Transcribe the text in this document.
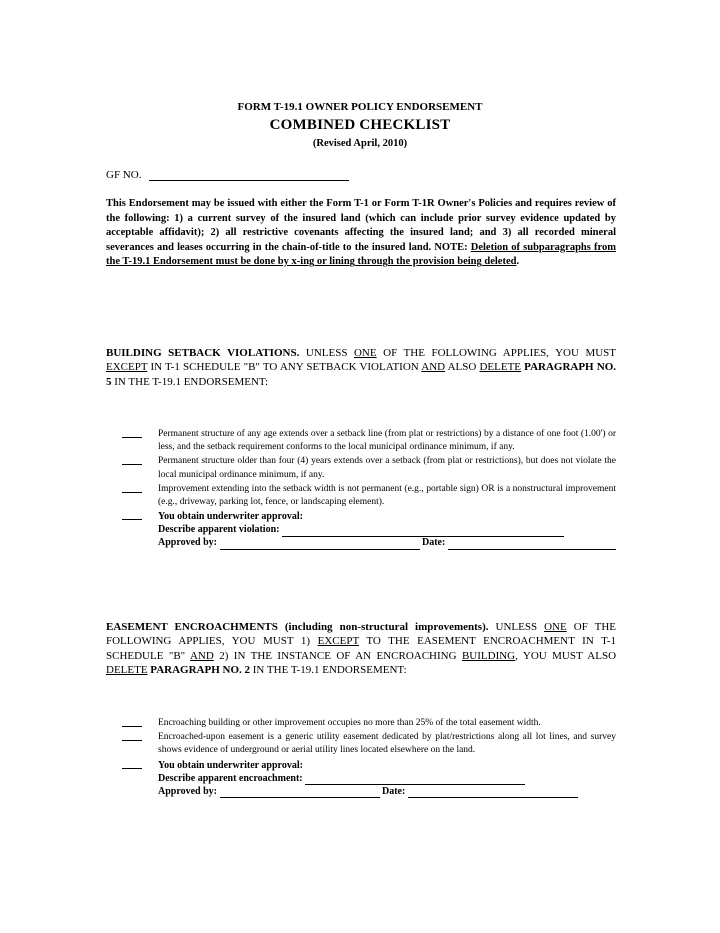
FORM T-19.1 OWNER POLICY ENDORSEMENT
COMBINED CHECKLIST
(Revised April, 2010)
GF NO.
This Endorsement may be issued with either the Form T-1 or Form T-1R Owner's Policies and requires review of the following: 1) a current survey of the insured land (which can include prior survey evidence updated by acceptable affidavit); 2) all restrictive covenants affecting the insured land; and 3) all recorded mineral severances and leases occurring in the chain-of-title to the insured land. NOTE: Deletion of subparagraphs from the T-19.1 Endorsement must be done by x-ing or lining through the provision being deleted.
BUILDING SETBACK VIOLATIONS. UNLESS ONE OF THE FOLLOWING APPLIES, YOU MUST EXCEPT IN T-1 SCHEDULE "B" TO ANY SETBACK VIOLATION AND ALSO DELETE PARAGRAPH NO. 5 IN THE T-19.1 ENDORSEMENT:
Permanent structure of any age extends over a setback line (from plat or restrictions) by a distance of one foot (1.00') or less, and the setback requirement conforms to the local municipal ordinance minimum, if any.
Permanent structure older than four (4) years extends over a setback (from plat or restrictions), but does not violate the local municipal ordinance minimum, if any.
Improvement extending into the setback width is not permanent (e.g., portable sign) OR is a nonstructural improvement (e.g., driveway, parking lot, fence, or landscaping element).
You obtain underwriter approval:
Describe apparent violation:
Approved by:	Date:
EASEMENT ENCROACHMENTS (including non-structural improvements). UNLESS ONE OF THE FOLLOWING APPLIES, YOU MUST 1) EXCEPT TO THE EASEMENT ENCROACHMENT IN T-1 SCHEDULE "B" AND 2) IN THE INSTANCE OF AN ENCROACHING BUILDING, YOU MUST ALSO DELETE PARAGRAPH NO. 2 IN THE T-19.1 ENDORSEMENT:
Encroaching building or other improvement occupies no more than 25% of the total easement width.
Encroached-upon easement is a generic utility easement dedicated by plat/restrictions along all lot lines, and survey shows evidence of underground or aerial utility lines located elsewhere on the land.
You obtain underwriter approval:
Describe apparent encroachment:
Approved by:	Date:
